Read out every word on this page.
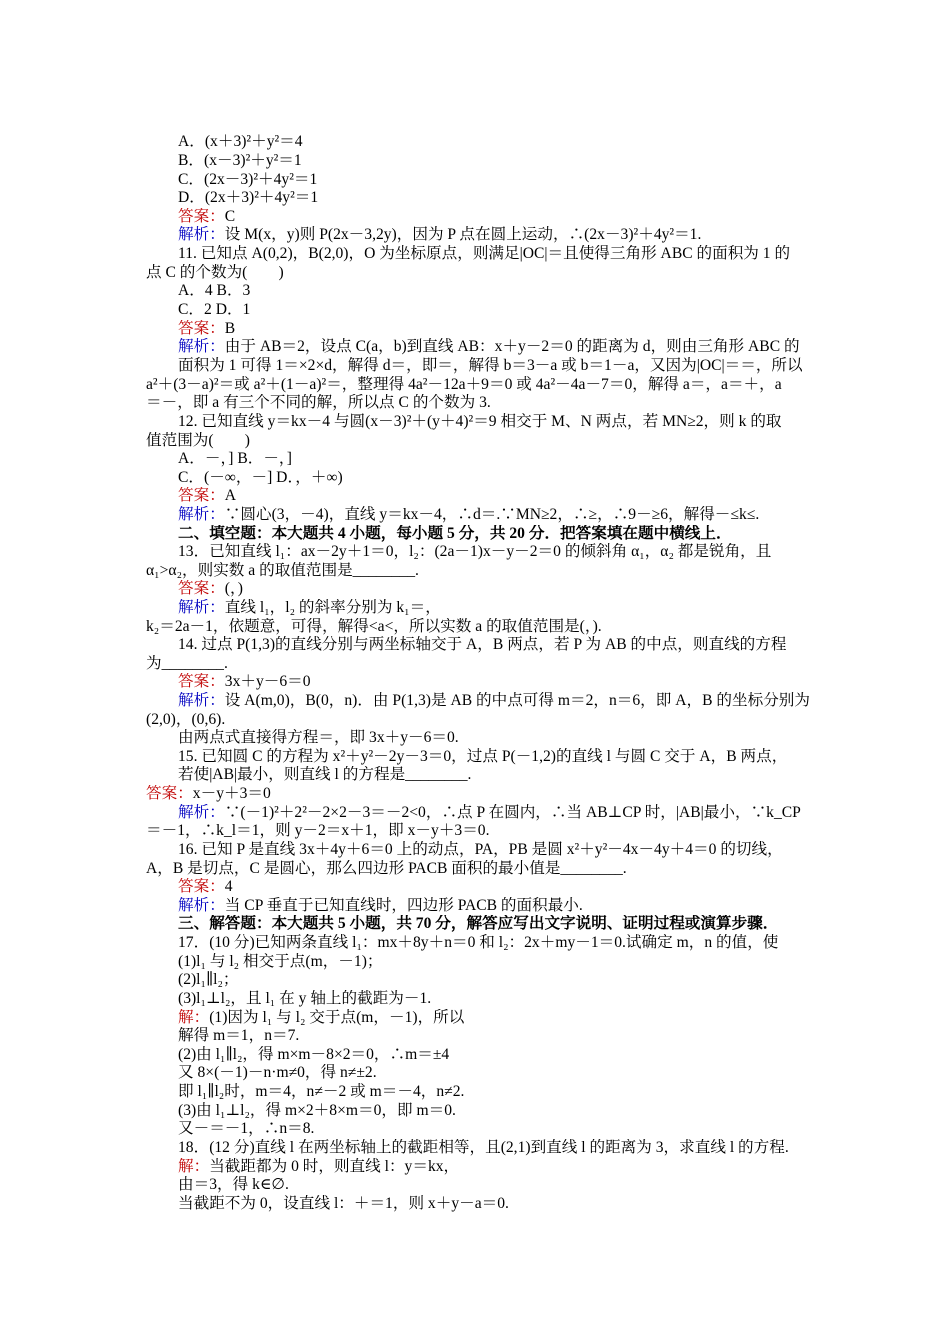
A．(x＋3)²＋y²＝4
B．(x－3)²＋y²＝1
C．(2x－3)²＋4y²＝1
D．(2x＋3)²＋4y²＝1
答案：C
解析：设 M(x，y)则 P(2x－3,2y)，因为 P 点在圆上运动，∴(2x－3)²＋4y²＝1.
11. 已知点 A(0,2)，B(2,0)，O 为坐标原点，则满足|OC|＝且使得三角形 ABC 的面积为 1 的
点 C 的个数为(　　)
A．4 B．3
C．2 D．1
答案：B
解析：由于 AB＝2，设点 C(a，b)到直线 AB：x＋y－2＝0 的距离为 d，则由三角形 ABC 的
面积为 1 可得 1＝×2×d，解得 d＝，即＝，解得 b＝3－a 或 b＝1－a，又因为|OC|＝＝，所以
a²＋(3－a)²＝或 a²＋(1－a)²＝，整理得 4a²－12a＋9＝0 或 4a²－4a－7＝0，解得 a＝，a＝＋，a
＝－，即 a 有三个不同的解，所以点 C 的个数为 3.
12. 已知直线 y＝kx－4 与圆(x－3)²＋(y＋4)²＝9 相交于 M、N 两点，若 MN≥2，则 k 的取
值范围为(　　)
A．－，] B．－，]
C．(－∞，－] D．，＋∞)
答案：A
解析：∵圆心(3，－4)，直线 y＝kx－4，∴d＝.∵MN≥2，∴≥，∴9－≥6，解得－≤k≤.
二、填空题：本大题共 4 小题，每小题 5 分，共 20 分．把答案填在题中横线上．
13．已知直线 l₁：ax－2y＋1＝0，l₂：(2a－1)x－y－2＝0 的倾斜角 α₁，α₂ 都是锐角，且
α₁>α₂，则实数 a 的取值范围是________.
答案：(，)
解析：直线 l₁，l₂ 的斜率分别为 k₁＝，
k₂＝2a－1，依题意，可得，解得<a<，所以实数 a 的取值范围是(，).
14. 过点 P(1,3)的直线分别与两坐标轴交于 A，B 两点，若 P 为 AB 的中点，则直线的方程
为________.
答案：3x＋y－6＝0
解析：设 A(m,0)，B(0，n)．由 P(1,3)是 AB 的中点可得 m＝2，n＝6，即 A，B 的坐标分别为
(2,0)，(0,6).
由两点式直接得方程＝，即 3x＋y－6＝0.
15. 已知圆 C 的方程为 x²＋y²－2y－3＝0，过点 P(－1,2)的直线 l 与圆 C 交于 A，B 两点，
若使|AB|最小，则直线 l 的方程是________.
答案：x－y＋3＝0
解析：∵(－1)²＋2²－2×2－3＝－2<0，∴点 P 在圆内，∴当 AB⊥CP 时，|AB|最小，∵k_CP
＝－1，∴k_l＝1，则 y－2＝x＋1，即 x－y＋3＝0.
16. 已知 P 是直线 3x＋4y＋6＝0 上的动点，PA，PB 是圆 x²＋y²－4x－4y＋4＝0 的切线，
A，B 是切点，C 是圆心，那么四边形 PACB 面积的最小值是________.
答案：4
解析：当 CP 垂直于已知直线时，四边形 PACB 的面积最小.
三、解答题：本大题共 5 小题，共 70 分，解答应写出文字说明、证明过程或演算步骤．
17．(10 分)已知两条直线 l₁：mx＋8y＋n＝0 和 l₂：2x＋my－1＝0.试确定 m，n 的值，使
(1)l₁ 与 l₂ 相交于点(m，－1)；
(2)l₁∥l₂；
(3)l₁⊥l₂，且 l₁ 在 y 轴上的截距为－1.
解：(1)因为 l₁ 与 l₂ 交于点(m，－1)，所以
解得 m＝1，n＝7.
(2)由 l₁∥l₂，得 m×m－8×2＝0，∴m＝±4
又 8×(－1)－n·m≠0，得 n≠±2.
即 l₁∥l₂时，m＝4，n≠－2 或 m＝－4，n≠2.
(3)由 l₁⊥l₂，得 m×2＋8×m＝0，即 m＝0.
又－＝－1，∴n＝8.
18．(12 分)直线 l 在两坐标轴上的截距相等，且(2,1)到直线 l 的距离为 3，求直线 l 的方程.
解：当截距都为 0 时，则直线 l：y＝kx，
由＝3，得 k∈∅.
当截距不为 0，设直线 l：＋＝1，则 x＋y－a＝0.
